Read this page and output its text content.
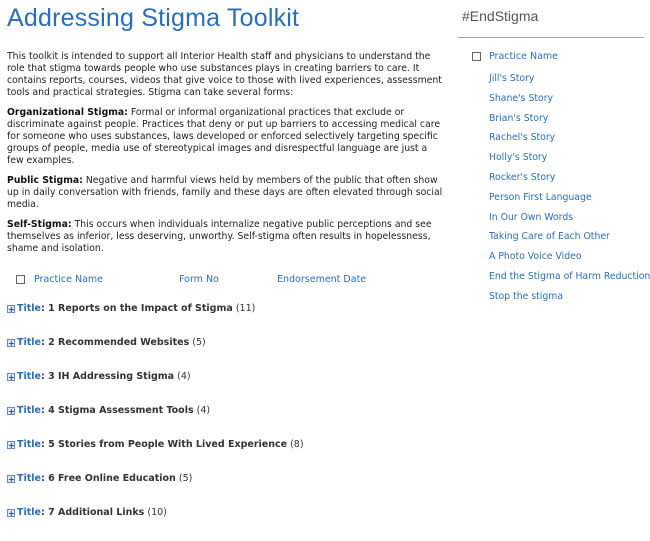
Addressing Stigma Toolkit

This toolkit is intended to support all Interior Health staff and physicians to understand the role that stigma towards people who use substances plays in creating barriers to care. It contains reports, courses, videos that give voice to those with lived experiences, assessment tools and practical strategies. Stigma can take several forms:

Organizational Stigma: Formal or informal organizational practices that exclude or discriminate against people. Practices that deny or put up barriers to accessing medical care for someone who uses substances, laws developed or enforced selectively targeting specific groups of people, media use of stereotypical images and disrespectful language are just a few examples.

Public Stigma: Negative and harmful views held by members of the public that often show up in daily conversation with friends, family and these days are often elevated through social media.

Self-Stigma: This occurs when individuals internalize negative public perceptions and see themselves as inferior, less deserving, unworthy. Self-stigma often results in hopelessness, shame and isolation.

Practice Name	Form No	Endorsement Date
+ Title : 1 Reports on the Impact of Stigma
(11)
+ Title : 2 Recommended Websites
(5)
+ Title : 3 IH Addressing Stigma
(4)
+ Title : 4 Stigma Assessment Tools
(4)
+ Title : 5 Stories from People With Lived Experience
(8)
+ Title : 6 Free Online Education
(5)
+ Title : 7 Additional Links
(10)
#EndStigma
Practice Name
Jill's Story
Shane's Story
Brian's Story
Rachel's Story
Holly's Story
Rocker's Story
Person First Language
In Our Own Words
Taking Care of Each Other
A Photo Voice Video
End the Stigma of Harm Reduction
Stop the stigma
